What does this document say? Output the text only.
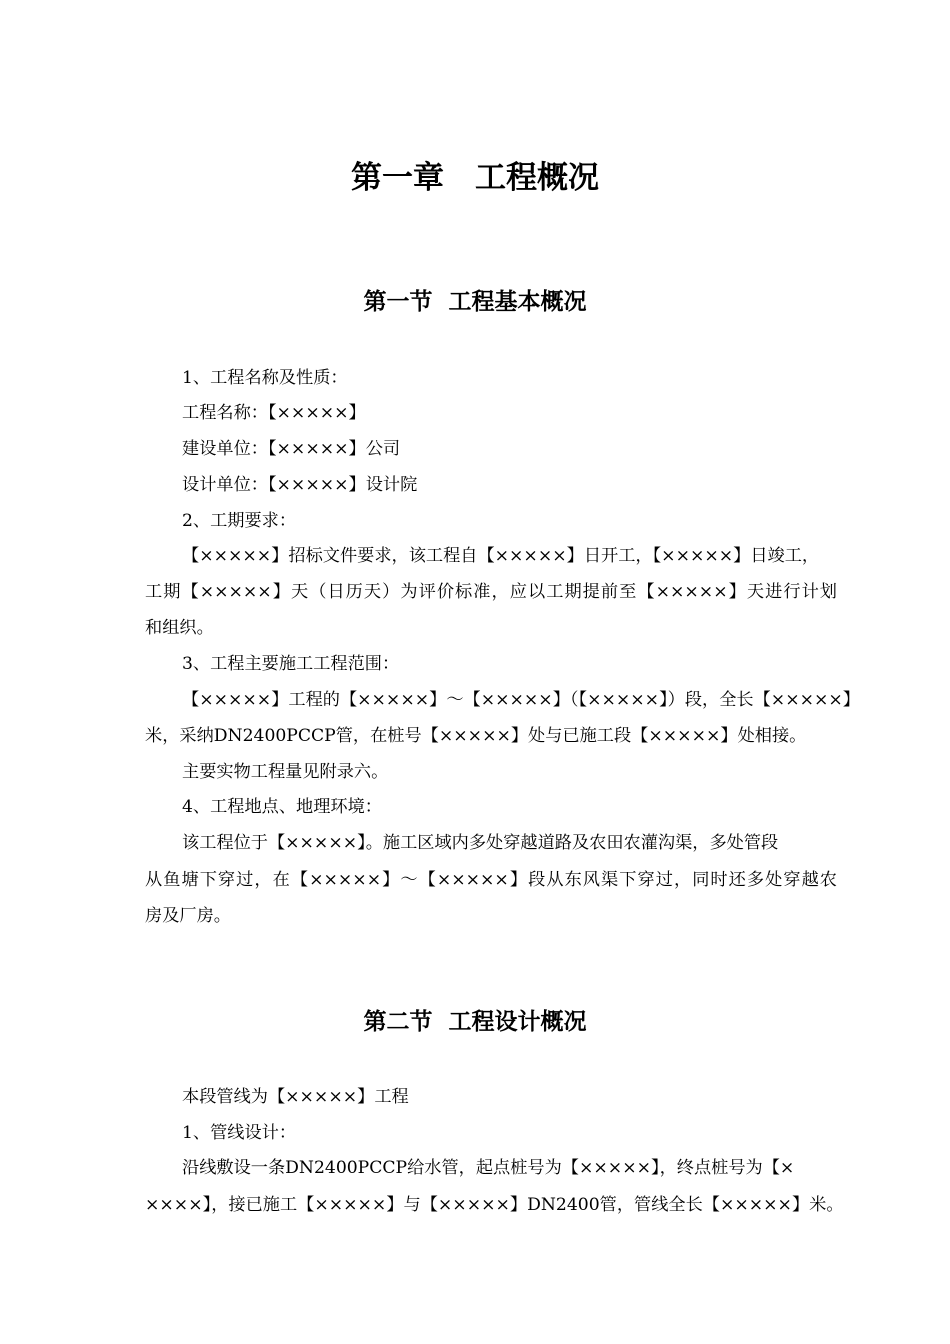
第一章　工程概况
第一节  工程基本概况
1、工程名称及性质：
工程名称：【×××××】
建设单位：【×××××】公司
设计单位：【×××××】设计院
2、工期要求：
【×××××】招标文件要求，该工程自【×××××】日开工，【×××××】日竣工，
工期【×××××】天（日历天）为评价标准，应以工期提前至【×××××】天进行计划
和组织。
3、工程主要施工工程范围：
【×××××】工程的【×××××】～【×××××】（【×××××】）段，全长【×××××】
米，采纳DN2400PCCP管，在桩号【×××××】处与已施工段【×××××】处相接。
主要实物工程量见附录六。
4、工程地点、地理环境：
该工程位于【×××××】。施工区域内多处穿越道路及农田农灌沟渠，多处管段
从鱼塘下穿过，在【×××××】～【×××××】段从东风渠下穿过，同时还多处穿越农
房及厂房。
第二节  工程设计概况
本段管线为【×××××】工程
1、管线设计：
沿线敷设一条DN2400PCCP给水管，起点桩号为【×××××】，终点桩号为【×
××××】，接已施工【×××××】与【×××××】DN2400管，管线全长【×××××】米。
